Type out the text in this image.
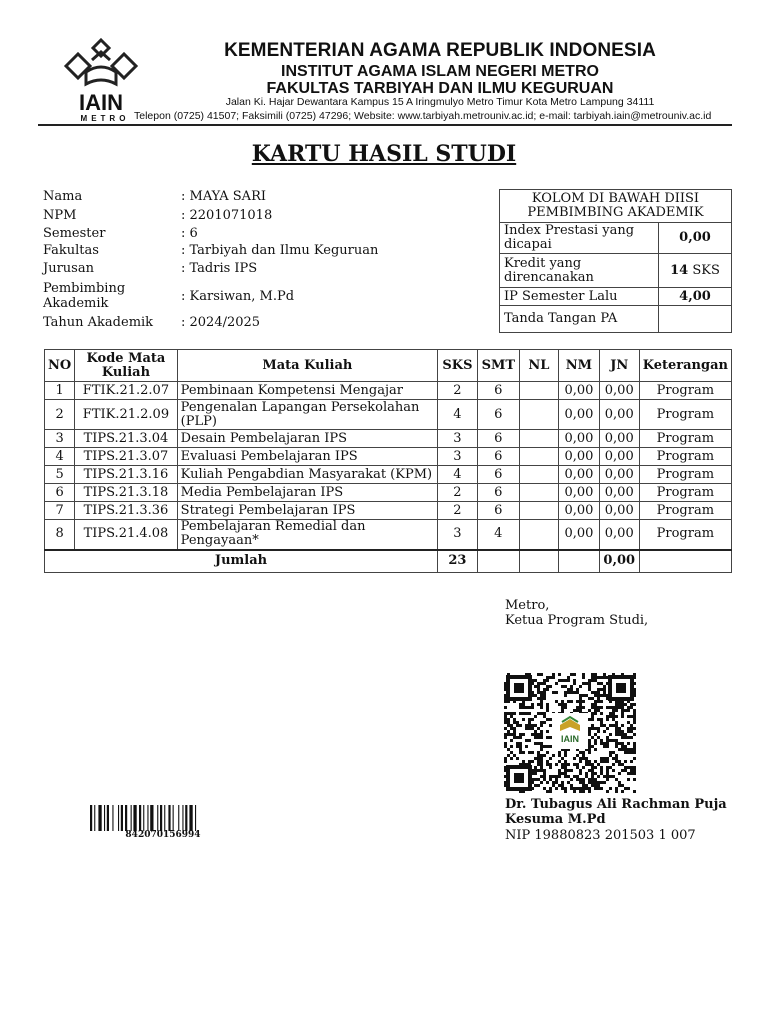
IAIN
METRO
KEMENTERIAN AGAMA REPUBLIK INDONESIA
INSTITUT AGAMA ISLAM NEGERI METRO
FAKULTAS TARBIYAH DAN ILMU KEGURUAN
Jalan Ki. Hajar Dewantara Kampus 15 A Iringmulyo Metro Timur Kota Metro Lampung 34111
Telepon (0725) 41507; Faksimili (0725) 47296; Website: www.tarbiyah.metrouniv.ac.id; e-mail: tarbiyah.iain@metrouniv.ac.id
KARTU HASIL STUDI
Nama	: MAYA SARI
NPM	: 2201071018
Semester	: 6
Fakultas	: Tarbiyah dan Ilmu Keguruan
Jurusan	: Tadris IPS
Pembimbing Akademik	: Karsiwan, M.Pd
Tahun Akademik	: 2024/2025
KOLOM DI BAWAH DIISI PEMBIMBING AKADEMIK	
Index Prestasi yang dicapai	0,00
Kredit yang direncanakan	14 SKS
IP Semester Lalu	4,00
Tanda Tangan PA	
NO	Kode Mata Kuliah	Mata Kuliah	SKS	SMT	NL	NM	JN	Keterangan
1	FTIK.21.2.07	Pembinaan Kompetensi Mengajar	2	6		0,00	0,00	Program
2	FTIK.21.2.09	Pengenalan Lapangan Persekolahan (PLP)	4	6		0,00	0,00	Program
3	TIPS.21.3.04	Desain Pembelajaran IPS	3	6		0,00	0,00	Program
4	TIPS.21.3.07	Evaluasi Pembelajaran IPS	3	6		0,00	0,00	Program
5	TIPS.21.3.16	Kuliah Pengabdian Masyarakat (KPM)	4	6		0,00	0,00	Program
6	TIPS.21.3.18	Media Pembelajaran IPS	2	6		0,00	0,00	Program
7	TIPS.21.3.36	Strategi Pembelajaran IPS	2	6		0,00	0,00	Program
8	TIPS.21.4.08	Pembelajaran Remedial dan Pengayaan*	3	4		0,00	0,00	Program
Jumlah			23				0,00	
Metro,
Ketua Program Studi,
IAIN
Dr. Tubagus Ali Rachman Puja Kesuma M.Pd
NIP 19880823 201503 1 007
842070156994
